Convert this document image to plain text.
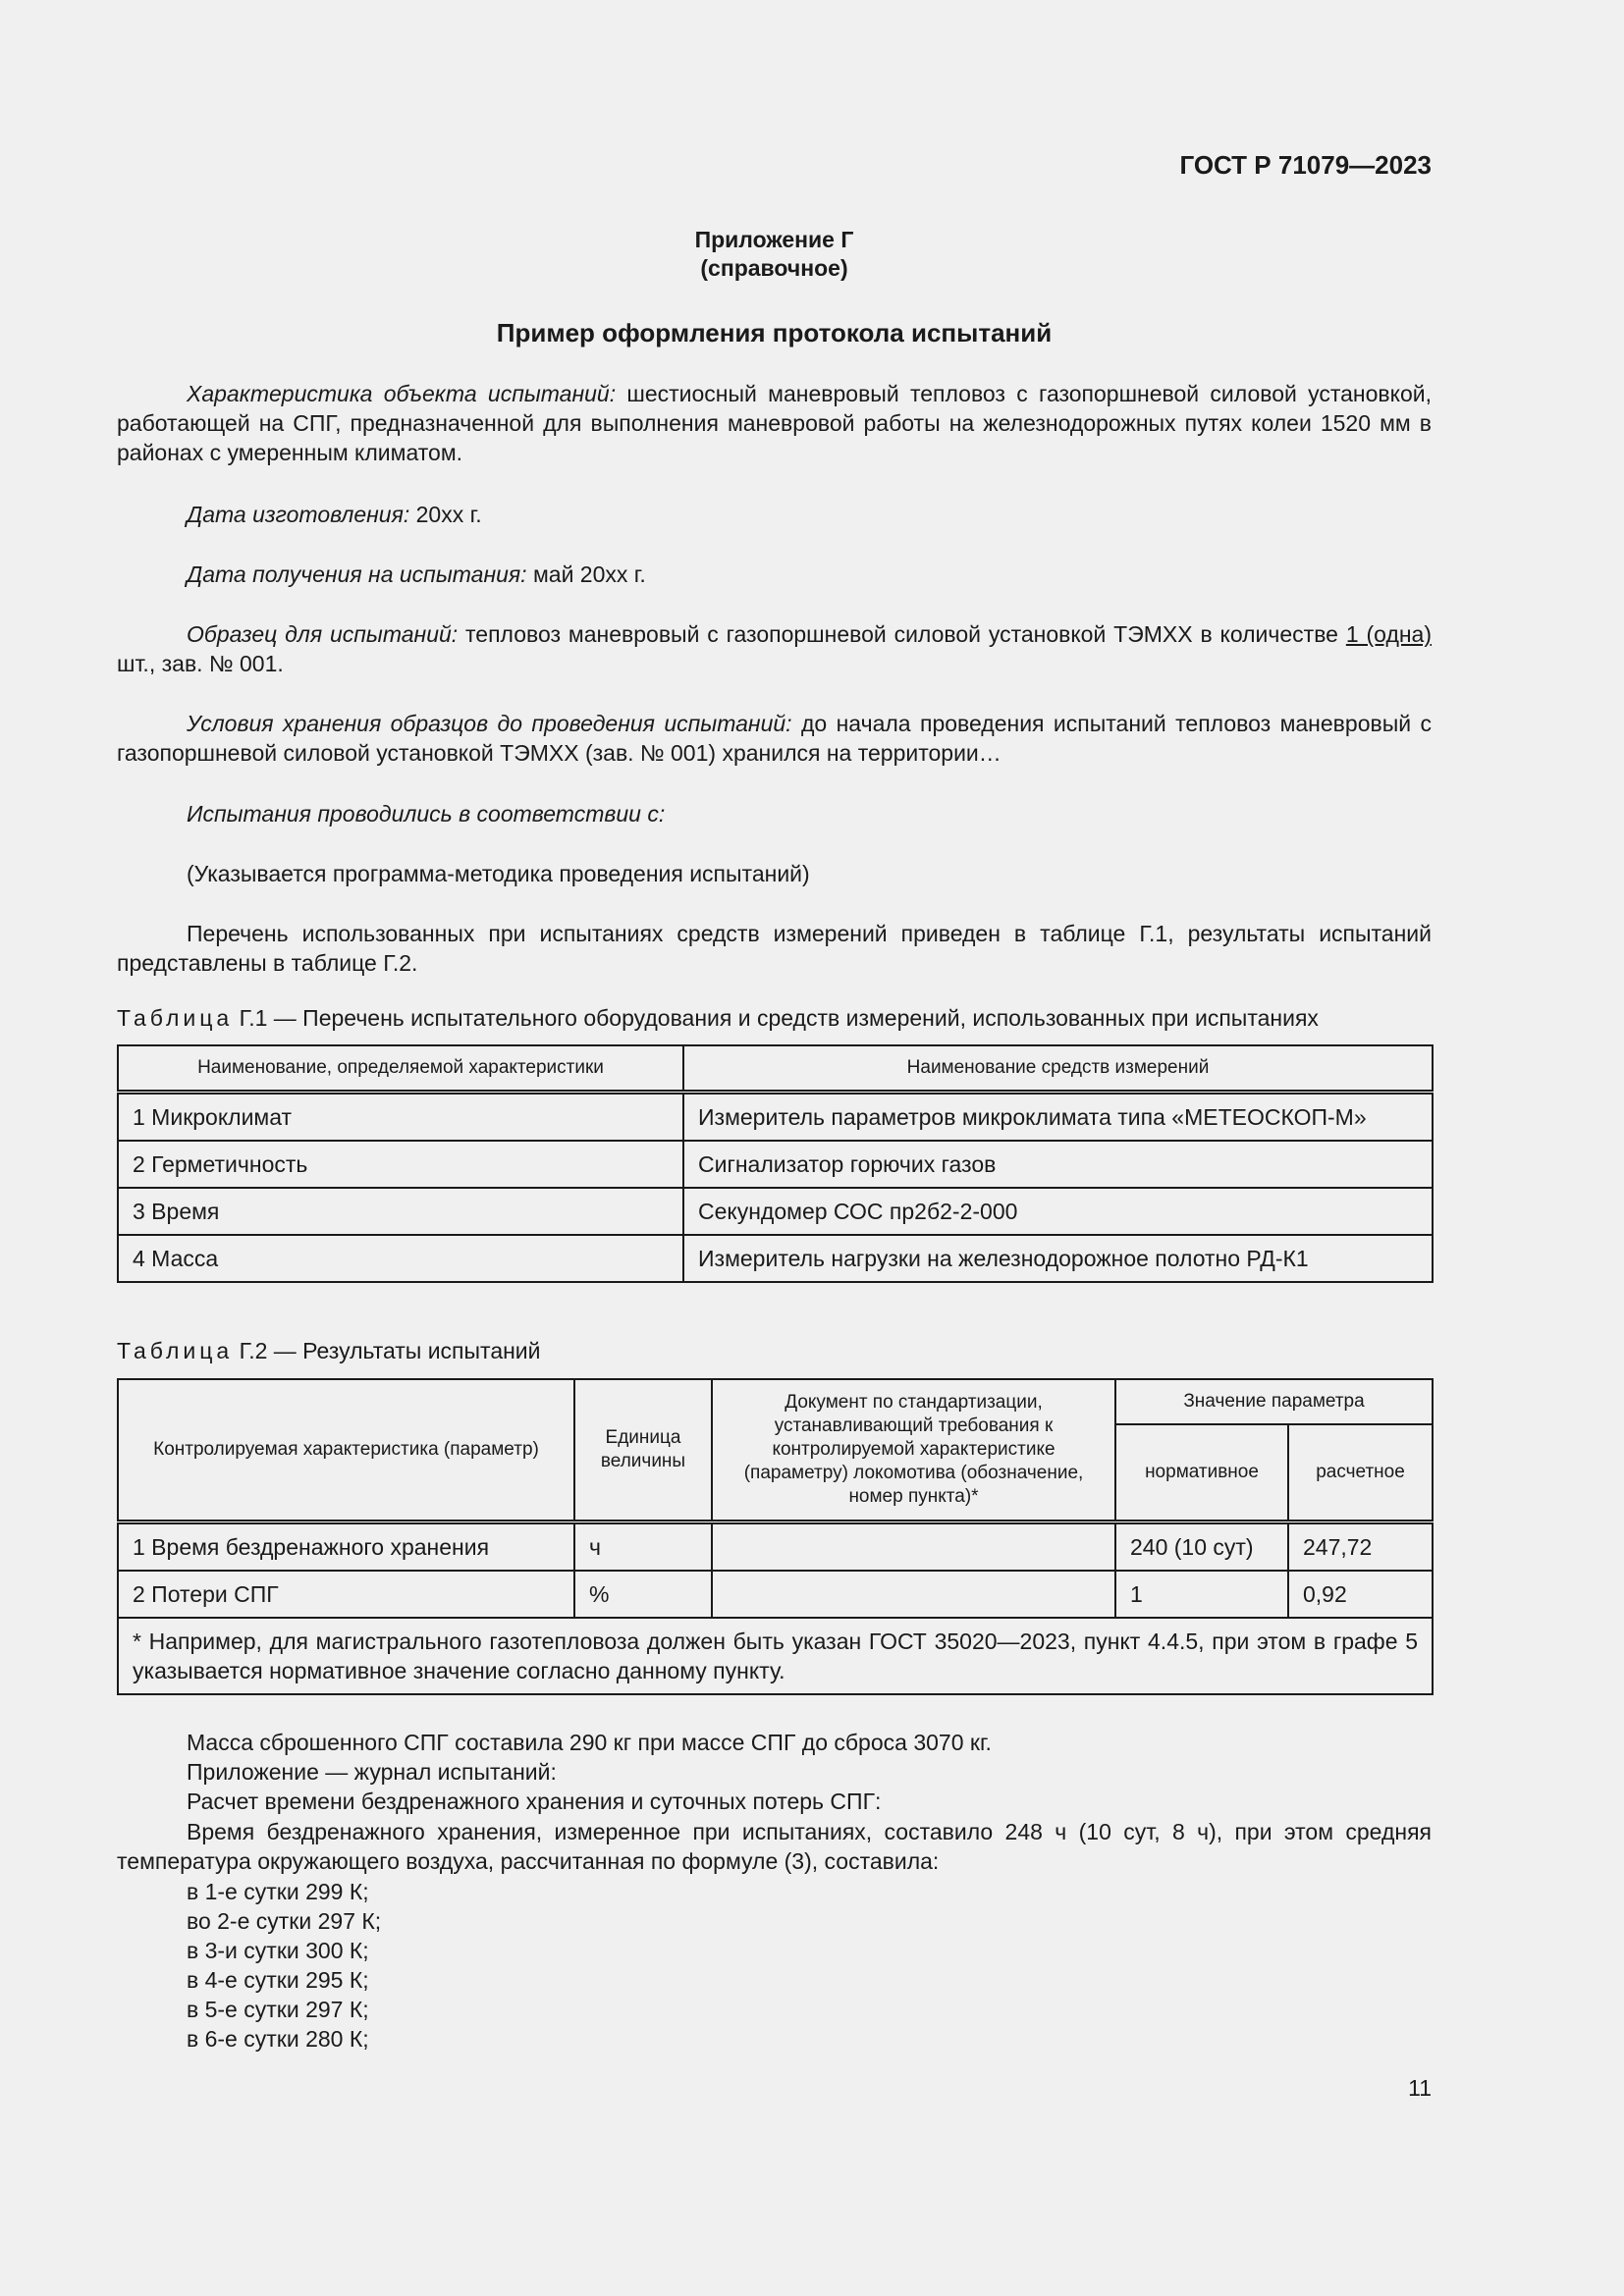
ГОСТ Р 71079—2023
Приложение Г
(справочное)
Пример оформления протокола испытаний
Характеристика объекта испытаний: шестиосный маневровый тепловоз с газопоршневой силовой установкой, работающей на СПГ, предназначенной для выполнения маневровой работы на железнодорожных путях колеи 1520 мм в районах с умеренным климатом.
Дата изготовления: 20хх г.
Дата получения на испытания: май 20хх г.
Образец для испытаний: тепловоз маневровый с газопоршневой силовой установкой ТЭМХХ в количестве 1 (одна) шт., зав. № 001.
Условия хранения образцов до проведения испытаний: до начала проведения испытаний тепловоз маневровый с газопоршневой силовой установкой ТЭМХХ (зав. № 001) хранился на территории…
Испытания проводились в соответствии с:
(Указывается программа-методика проведения испытаний)
Перечень использованных при испытаниях средств измерений приведен в таблице Г.1, результаты испытаний представлены в таблице Г.2.
Таблица Г.1 — Перечень испытательного оборудования и средств измерений, использованных при испытаниях
Наименование, определяемой характеристики	Наименование средств измерений
1 Микроклимат	Измеритель параметров микроклимата типа «МЕТЕОСКОП-М»
2 Герметичность	Сигнализатор горючих газов
3 Время	Секундомер СОС пр2б2-2-000
4 Масса	Измеритель нагрузки на железнодорожное полотно РД-К1
Таблица Г.2 — Результаты испытаний
Контролируемая характеристика (параметр)	Единица величины	Документ по стандартизации, устанавливающий требования к контролируемой характеристике (параметру) локомотива (обозначение, номер пункта)*	Значение параметра	
			нормативное	расчетное
1 Время бездренажного хранения	ч		240 (10 сут)	247,72
2 Потери СПГ	%		1	0,92
* Например, для магистрального газотепловоза должен быть указан ГОСТ 35020—2023, пункт 4.4.5, при этом в графе 5 указывается нормативное значение согласно данному пункту.				
Масса сброшенного СПГ составила 290 кг при массе СПГ до сброса 3070 кг.
Приложение — журнал испытаний:
Расчет времени бездренажного хранения и суточных потерь СПГ:
Время бездренажного хранения, измеренное при испытаниях, составило 248 ч (10 сут, 8 ч), при этом средняя температура окружающего воздуха, рассчитанная по формуле (3), составила:
в 1-е сутки 299 К;
во 2-е сутки 297 К;
в 3-и сутки 300 К;
в 4-е сутки 295 К;
в 5-е сутки 297 К;
в 6-е сутки 280 К;
11
